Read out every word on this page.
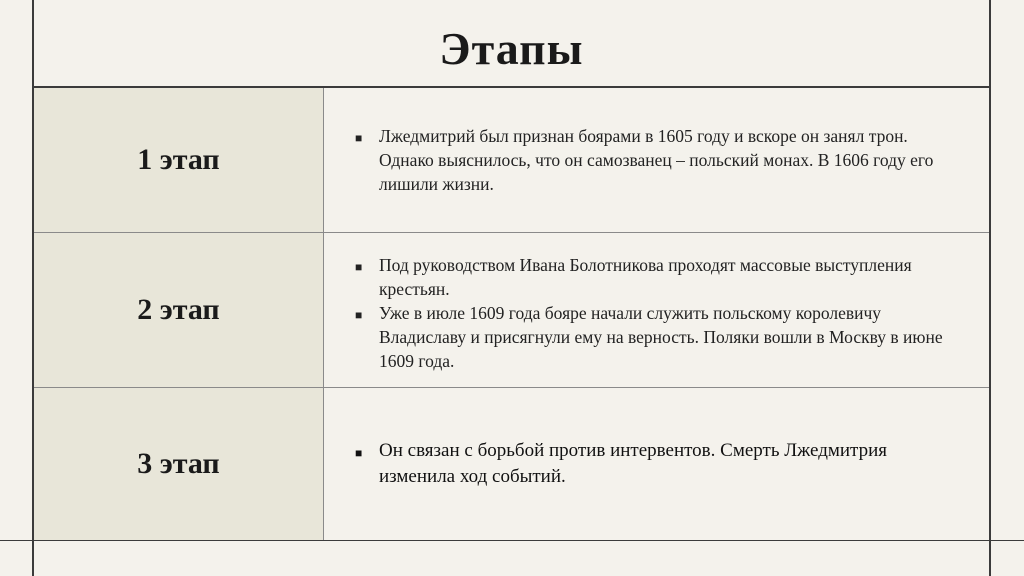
Этапы
1 этап
■ Лжедмитрий был признан боярами в 1605 году и вскоре он занял трон. Однако выяснилось, что он самозванец – польский монах. В 1606 году его лишили жизни.
2 этап
■ Под руководством Ивана Болотникова проходят массовые выступления крестьян.
■ Уже в июле 1609 года бояре начали служить польскому королевичу Владиславу и присягнули ему на верность. Поляки вошли в Москву в июне 1609 года.
3 этап	■ Он связан с борьбой против интервентов. Смерть Лжедмитрия изменила ход событий.
